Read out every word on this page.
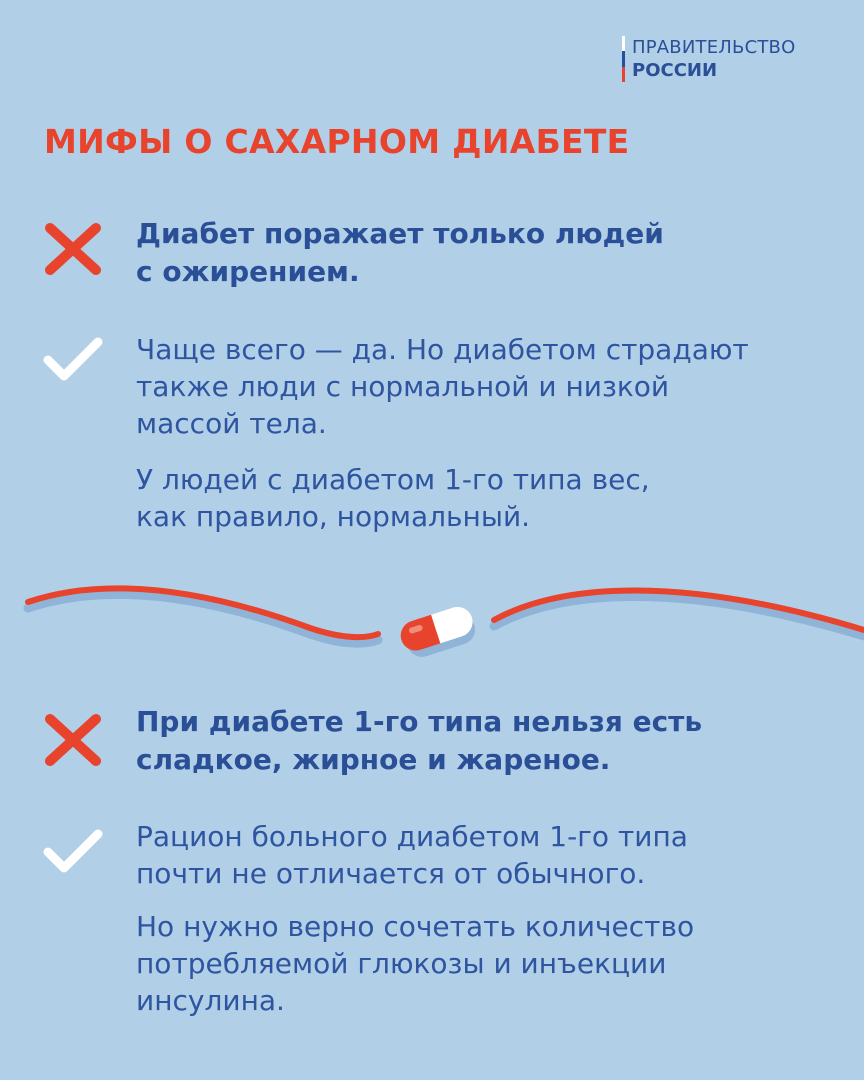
ПРАВИТЕЛЬСТВО
РОССИИ
МИФЫ О САХАРНОМ ДИАБЕТЕ
Диабет поражает только людей
с ожирением.
Чаще всего — да. Но диабетом страдают
также люди с нормальной и низкой
массой тела.
У людей с диабетом 1-го типа вес,
как правило, нормальный.
При диабете 1-го типа нельзя есть
сладкое, жирное и жареное.
Рацион больного диабетом 1-го типа
почти не отличается от обычного.
Но нужно верно сочетать количество
потребляемой глюкозы и инъекции
инсулина.
